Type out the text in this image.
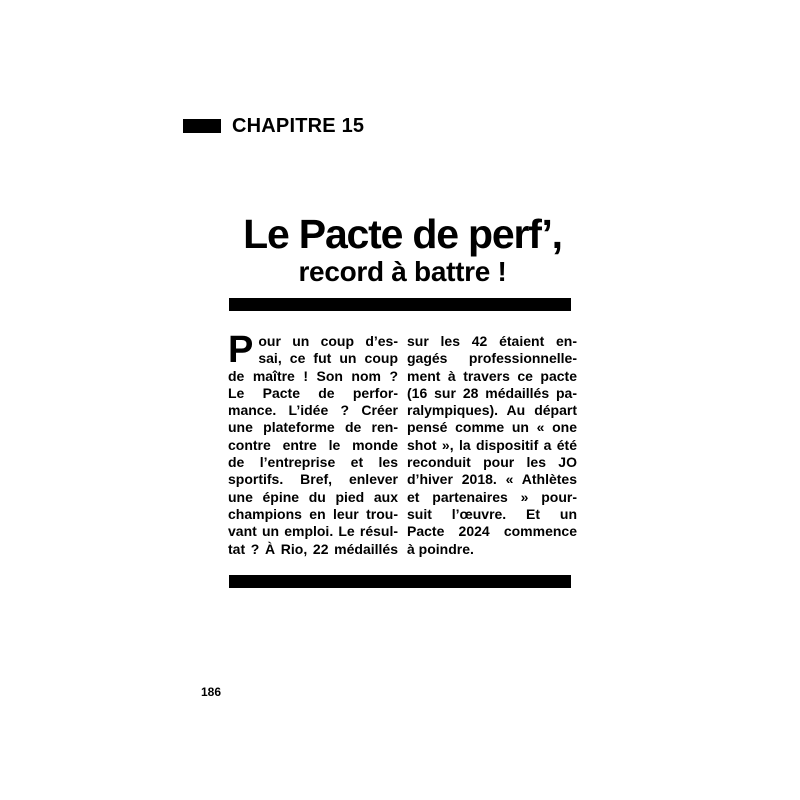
CHAPITRE 15
Le Pacte de perf’,
record à battre !
P our un coup d’es-
sai, ce fut un coup
de maître ! Son nom ?
Le Pacte de perfor-
mance. L’idée ? Créer
une plateforme de ren-
contre entre le monde
de l’entreprise et les
sportifs. Bref, enlever
une épine du pied aux
champions en leur trou-
vant un emploi. Le résul-
tat ? À Rio, 22 médaillés
sur les 42 étaient en-
gagés professionnelle-
ment à travers ce pacte
(16 sur 28 médaillés pa-
ralympiques). Au départ
pensé comme un « one
shot », la dispositif a été
reconduit pour les JO
d’hiver 2018. « Athlètes
et partenaires » pour-
suit l’œuvre. Et un
Pacte 2024 commence
à poindre.
186
